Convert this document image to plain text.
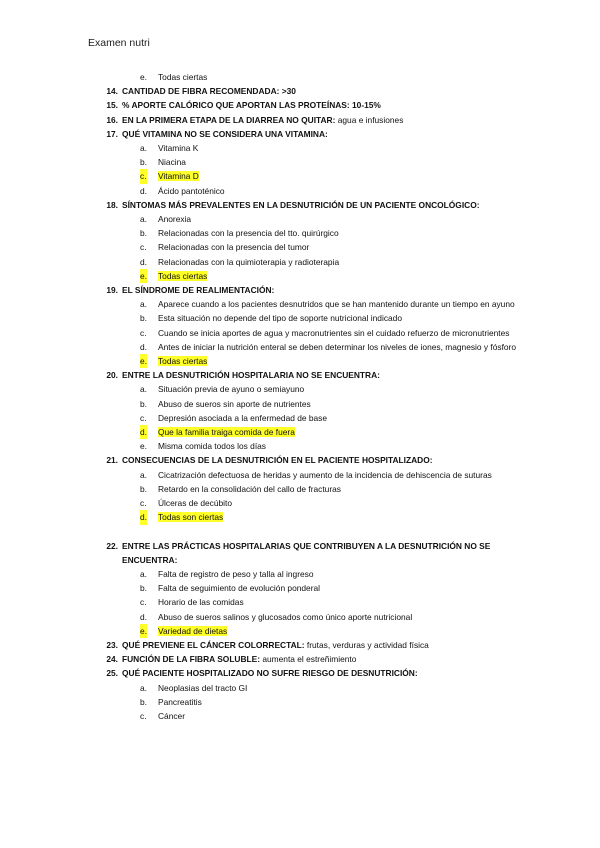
Examen nutri
e. Todas ciertas
14. CANTIDAD DE FIBRA RECOMENDADA: >30
15. % APORTE CALÓRICO QUE APORTAN LAS PROTEÍNAS: 10-15%
16. EN LA PRIMERA ETAPA DE LA DIARREA NO QUITAR: agua e infusiones
17. QUÉ VITAMINA NO SE CONSIDERA UNA VITAMINA:
a. Vitamina K
b. Niacina
c. Vitamina D
d. Ácido pantoténico
18. SÍNTOMAS MÁS PREVALENTES EN LA DESNUTRICIÓN DE UN PACIENTE ONCOLÓGICO:
a. Anorexia
b. Relacionadas con la presencia del tto. quirúrgico
c. Relacionadas con la presencia del tumor
d. Relacionadas con la quimioterapia y radioterapia
e. Todas ciertas
19. EL SÍNDROME DE REALIMENTACIÓN:
a. Aparece cuando a los pacientes desnutridos que se han mantenido durante un tiempo en ayuno
b. Esta situación no depende del tipo de soporte nutricional indicado
c. Cuando se inicia aportes de agua y macronutrientes sin el cuidado refuerzo de micronutrientes
d. Antes de iniciar la nutrición enteral se deben determinar los niveles de iones, magnesio y fósforo
e. Todas ciertas
20. ENTRE LA DESNUTRICIÓN HOSPITALARIA NO SE ENCUENTRA:
a. Situación previa de ayuno o semiayuno
b. Abuso de sueros sin aporte de nutrientes
c. Depresión asociada a la enfermedad de base
d. Que la familia traiga comida de fuera
e. Misma comida todos los días
21. CONSECUENCIAS DE LA DESNUTRICIÓN EN EL PACIENTE HOSPITALIZADO:
a. Cicatrización defectuosa de heridas y aumento de la incidencia de dehiscencia de suturas
b. Retardo en la consolidación del callo de fracturas
c. Úlceras de decúbito
d. Todas son ciertas
22. ENTRE LAS PRÁCTICAS HOSPITALARIAS QUE CONTRIBUYEN A LA DESNUTRICIÓN NO SE ENCUENTRA:
a. Falta de registro de peso y talla al ingreso
b. Falta de seguimiento de evolución ponderal
c. Horario de las comidas
d. Abuso de sueros salinos y glucosados como único aporte nutricional
e. Variedad de dietas
23. QUÉ PREVIENE EL CÁNCER COLORRECTAL: frutas, verduras y actividad física
24. FUNCIÓN DE LA FIBRA SOLUBLE: aumenta el estreñimiento
25. QUÉ PACIENTE HOSPITALIZADO NO SUFRE RIESGO DE DESNUTRICIÓN:
a. Neoplasias del tracto GI
b. Pancreatitis
c. Cáncer
